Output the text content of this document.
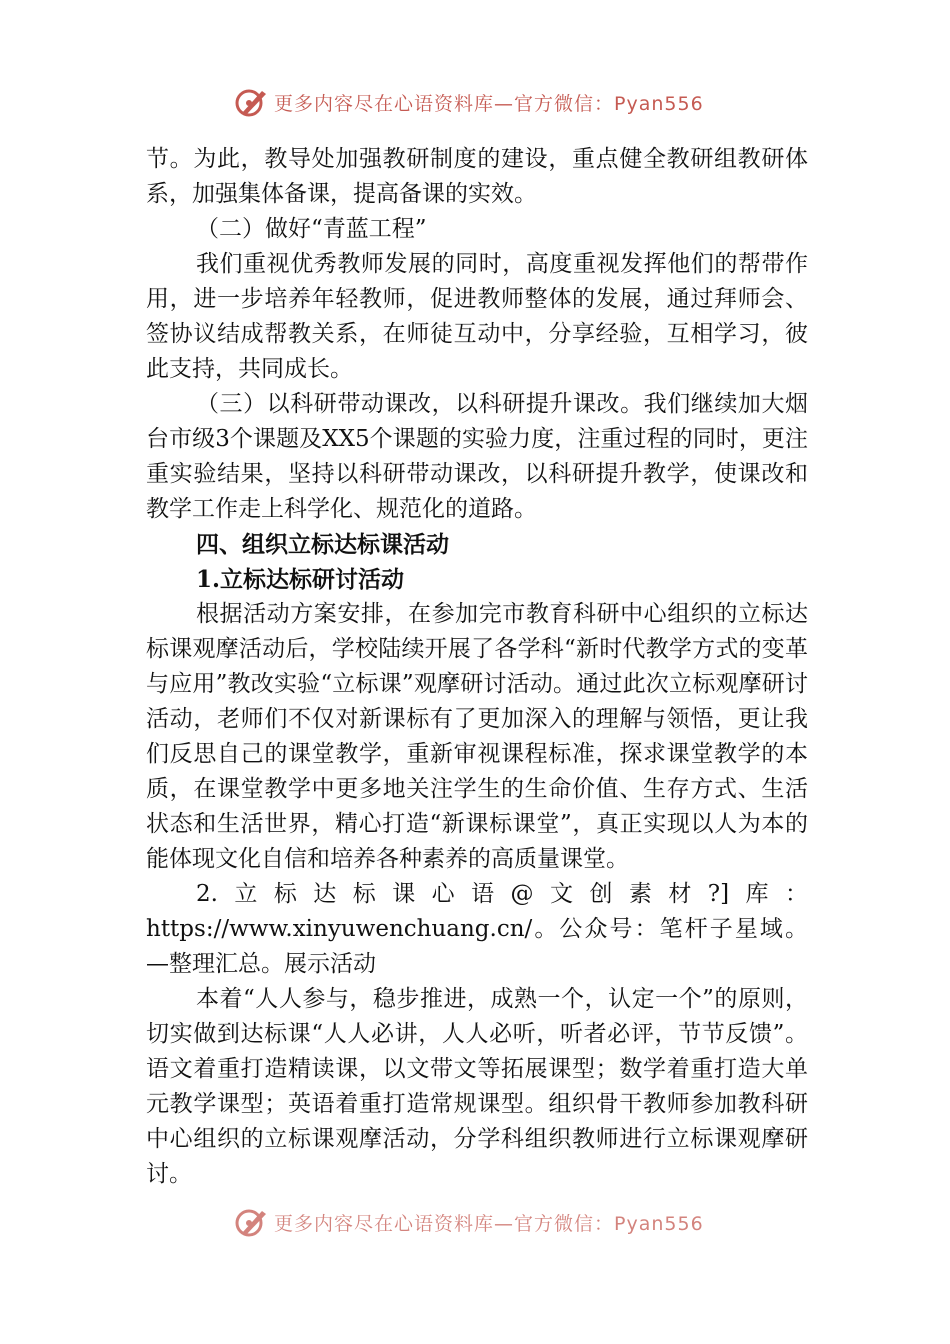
更多内容尽在心语资料库—官方微信：Pyan556

节。为此，教导处加强教研制度的建设，重点健全教研组教研体系，加强集体备课，提高备课的实效。

（二）做好“青蓝工程”

我们重视优秀教师发展的同时，高度重视发挥他们的帮带作用，进一步培养年轻教师，促进教师整体的发展，通过拜师会、签协议结成帮教关系，在师徒互动中，分享经验，互相学习，彼此支持，共同成长。

（三）以科研带动课改，以科研提升课改。我们继续加大烟台市级3个课题及XX5个课题的实验力度，注重过程的同时，更注重实验结果，坚持以科研带动课改，以科研提升教学，使课改和教学工作走上科学化、规范化的道路。

四、组织立标达标课活动

1.立标达标研讨活动

根据活动方案安排，在参加完市教育科研中心组织的立标达标课观摩活动后，学校陆续开展了各学科“新时代教学方式的变革与应用”教改实验“立标课”观摩研讨活动。通过此次立标观摩研讨活动，老师们不仅对新课标有了更加深入的理解与领悟，更让我们反思自己的课堂教学，重新审视课程标准，探求课堂教学的本质，在课堂教学中更多地关注学生的生命价值、生存方式、生活状态和生活世界，精心打造“新课标课堂”，真正实现以人为本的能体现文化自信和培养各种素养的高质量课堂。

2.立标达标课心语@文创素材?]库：https://www.xinyuwenchuang.cn/。公众号：笔杆子星域。—整理汇总。展示活动

本着“人人参与，稳步推进，成熟一个，认定一个”的原则，切实做到达标课“人人必讲，人人必听，听者必评，节节反馈”。语文着重打造精读课，以文带文等拓展课型；数学着重打造大单元教学课型；英语着重打造常规课型。组织骨干教师参加教科研中心组织的立标课观摩活动，分学科组织教师进行立标课观摩研讨。

更多内容尽在心语资料库—官方微信：Pyan556
